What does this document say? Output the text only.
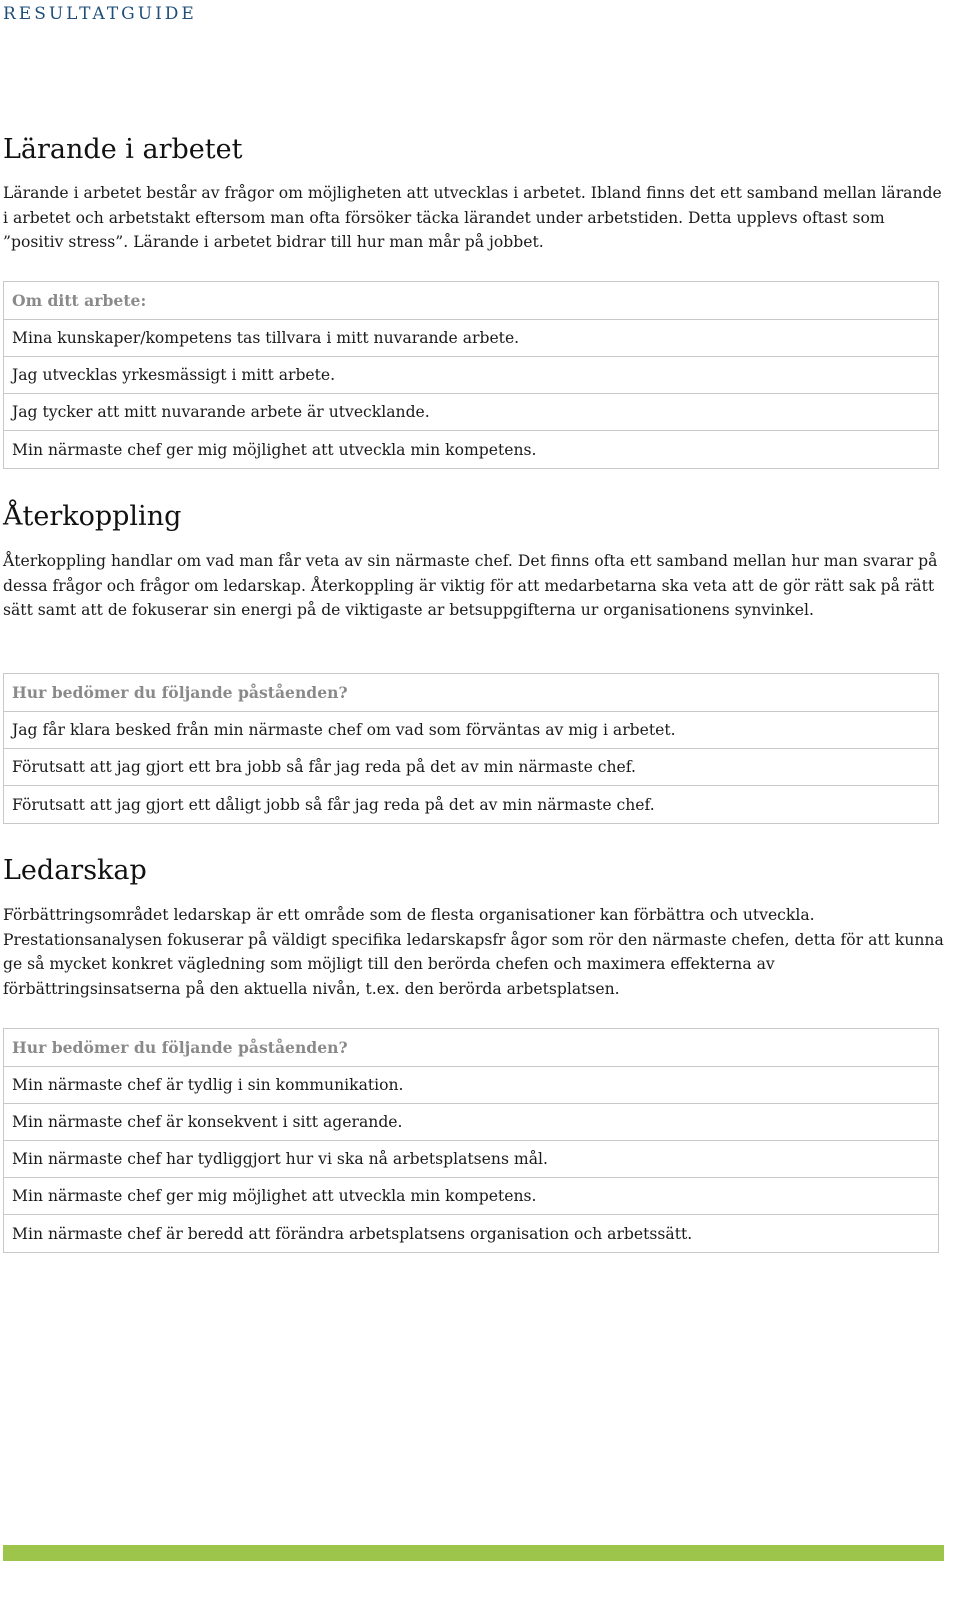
RESULTATGUIDE
Lärande i arbetet

Lärande i arbetet består av frågor om möjligheten att utvecklas i arbetet. Ibland finns det ett samband mellan lärande i arbetet och arbetstakt eftersom man ofta försöker täcka lärandet under arbetstiden. Detta upplevs oftast som ”positiv stress”. Lärande i arbetet bidrar till hur man mår på jobbet.

Om ditt arbete:
Mina kunskaper/kompetens tas tillvara i mitt nuvarande arbete.
Jag utvecklas yrkesmässigt i mitt arbete.
Jag tycker att mitt nuvarande arbete är utvecklande.
Min närmaste chef ger mig möjlighet att utveckla min kompetens.
Återkoppling

Återkoppling handlar om vad man får veta av sin närmaste chef. Det finns ofta ett samband mellan hur man svarar på dessa frågor och frågor om ledarskap. Återkoppling är viktig för att medarbetarna ska veta att de gör rätt sak på rätt sätt samt att de fokuserar sin energi på de viktigaste ar betsuppgifterna ur organisationens synvinkel.

Hur bedömer du följande påståenden?
Jag får klara besked från min närmaste chef om vad som förväntas av mig i arbetet.
Förutsatt att jag gjort ett bra jobb så får jag reda på det av min närmaste chef.
Förutsatt att jag gjort ett dåligt jobb så får jag reda på det av min närmaste chef.
Ledarskap

Förbättringsområdet ledarskap är ett område som de flesta organisationer kan förbättra och utveckla. Prestationsanalysen fokuserar på väldigt specifika ledarskapsfr ågor som rör den närmaste chefen, detta för att kunna ge så mycket konkret vägledning som möjligt till den berörda chefen och maximera effekterna av förbättringsinsatserna på den aktuella nivån, t.ex. den berörda arbetsplatsen.

Hur bedömer du följande påståenden?
Min närmaste chef är tydlig i sin kommunikation.
Min närmaste chef är konsekvent i sitt agerande.
Min närmaste chef har tydliggjort hur vi ska nå arbetsplatsens mål.
Min närmaste chef ger mig möjlighet att utveckla min kompetens.
Min närmaste chef är beredd att förändra arbetsplatsens organisation och arbetssätt.
